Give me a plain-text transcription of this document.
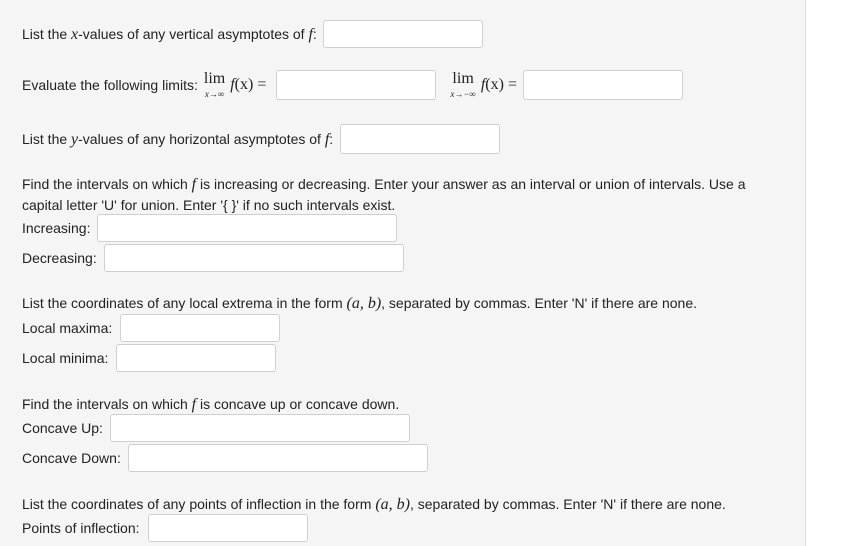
List the x-values of any vertical asymptotes of f:
Evaluate the following limits: lim
x→∞
f(x) =	lim
x→−∞
f(x) =
List the y-values of any horizontal asymptotes of f:
Find the intervals on which f is increasing or decreasing. Enter your answer as an interval or union of intervals. Use a capital letter 'U' for union. Enter '{ }' if no such intervals exist.
Increasing:
Decreasing:
List the coordinates of any local extrema in the form (a, b), separated by commas. Enter 'N' if there are none.
Local maxima:
Local minima:
Find the intervals on which f is concave up or concave down.
Concave Up:
Concave Down:
List the coordinates of any points of inflection in the form (a, b), separated by commas. Enter 'N' if there are none.
Points of inflection:
